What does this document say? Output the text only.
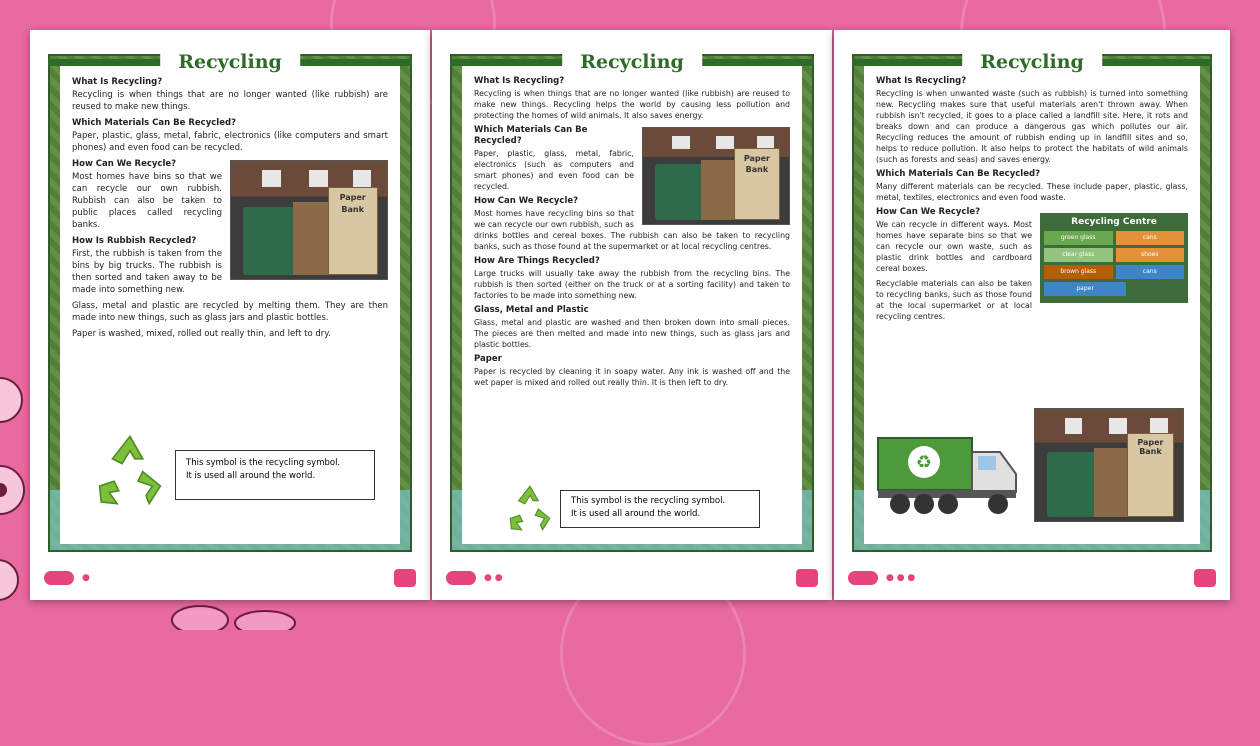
Recycling
What Is Recycling?

Recycling is when things that are no longer wanted (like rubbish) are reused to make new things.

Which Materials Can Be Recycled?

Paper, plastic, glass, metal, fabric, electronics (like computers and smart phones) and even food can be recycled.

Paper Bank
How Can We Recycle?

Most homes have bins so that we can recycle our own rubbish. Rubbish can also be taken to public places called recycling banks.

How Is Rubbish Recycled?

First, the rubbish is taken from the bins by big trucks. The rubbish is then sorted and taken away to be made into something new.

Glass, metal and plastic are recycled by melting them. They are then made into new things, such as glass jars and plastic bottles.

Paper is washed, mixed, rolled out really thin, and left to dry.

This symbol is the recycling symbol.
It is used all around the world.
●
Recycling
What Is Recycling?

Recycling is when things that are no longer wanted (like rubbish) are reused to make new things. Recycling helps the world by causing less pollution and protecting the homes of wild animals. It also saves energy.

Paper Bank
Which Materials Can Be Recycled?

Paper, plastic, glass, metal, fabric, electronics (such as computers and smart phones) and even food can be recycled.

How Can We Recycle?

Most homes have recycling bins so that we can recycle our own rubbish, such as drinks bottles and cereal boxes. The rubbish can also be taken to recycling banks, such as those found at the supermarket or at local recycling centres.

How Are Things Recycled?

Large trucks will usually take away the rubbish from the recycling bins. The rubbish is then sorted (either on the truck or at a sorting facility) and taken to factories to be made into something new.

Glass, Metal and Plastic

Glass, metal and plastic are washed and then broken down into small pieces. The pieces are then melted and made into new things, such as glass jars and plastic bottles.

Paper

Paper is recycled by cleaning it in soapy water. Any ink is washed off and the wet paper is mixed and rolled out really thin. It is then left to dry.

This symbol is the recycling symbol.
It is used all around the world.
● ●
Recycling
What Is Recycling?

Recycling is when unwanted waste (such as rubbish) is turned into something new. Recycling makes sure that useful materials aren't thrown away. When rubbish isn't recycled, it goes to a place called a landfill site. Here, it rots and breaks down and can produce a dangerous gas which pollutes our air. Recycling reduces the amount of rubbish ending up in landfill sites and so, helps to reduce pollution. It also helps to protect the habitats of wild animals (such as forests and seas) and saves energy.

Which Materials Can Be Recycled?

Many different materials can be recycled. These include paper, plastic, glass, metal, textiles, electronics and even food waste.

Recycling Centre
green glass	cans
clear glass	shoes
brown glass	cans
paper
How Can We Recycle?

We can recycle in different ways. Most homes have separate bins so that we can recycle our own waste, such as plastic drink bottles and cardboard cereal boxes.

Recyclable materials can also be taken to recycling banks, such as those found at the local supermarket or at local recycling centres.

Paper Bank
♻
● ● ●
